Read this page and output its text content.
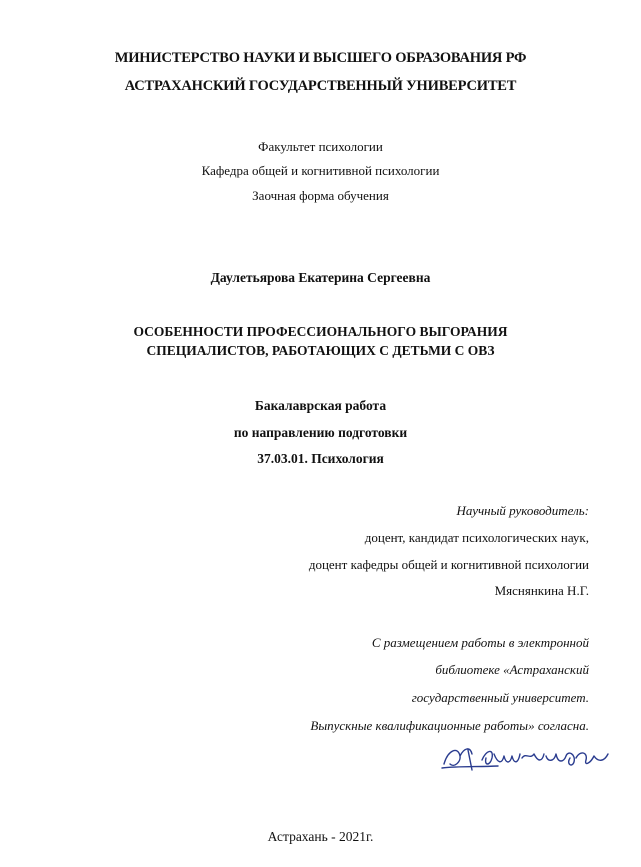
МИНИСТЕРСТВО НАУКИ И ВЫСШЕГО ОБРАЗОВАНИЯ РФ
АСТРАХАНСКИЙ ГОСУДАРСТВЕННЫЙ УНИВЕРСИТЕТ
Факультет психологии
Кафедра общей и когнитивной психологии
Заочная форма обучения
Даулетьярова Екатерина Сергеевна
ОСОБЕННОСТИ ПРОФЕССИОНАЛЬНОГО ВЫГОРАНИЯ
СПЕЦИАЛИСТОВ, РАБОТАЮЩИХ С ДЕТЬМИ С ОВЗ
Бакалаврская работа
по направлению подготовки
37.03.01. Психология
Научный руководитель:
доцент, кандидат психологических наук,
доцент кафедры общей и когнитивной психологии
Мяснянкина Н.Г.
С размещением работы в электронной
библиотеке «Астраханский
государственный университет.
Выпускные квалификационные работы» согласна.
Астрахань - 2021г.
